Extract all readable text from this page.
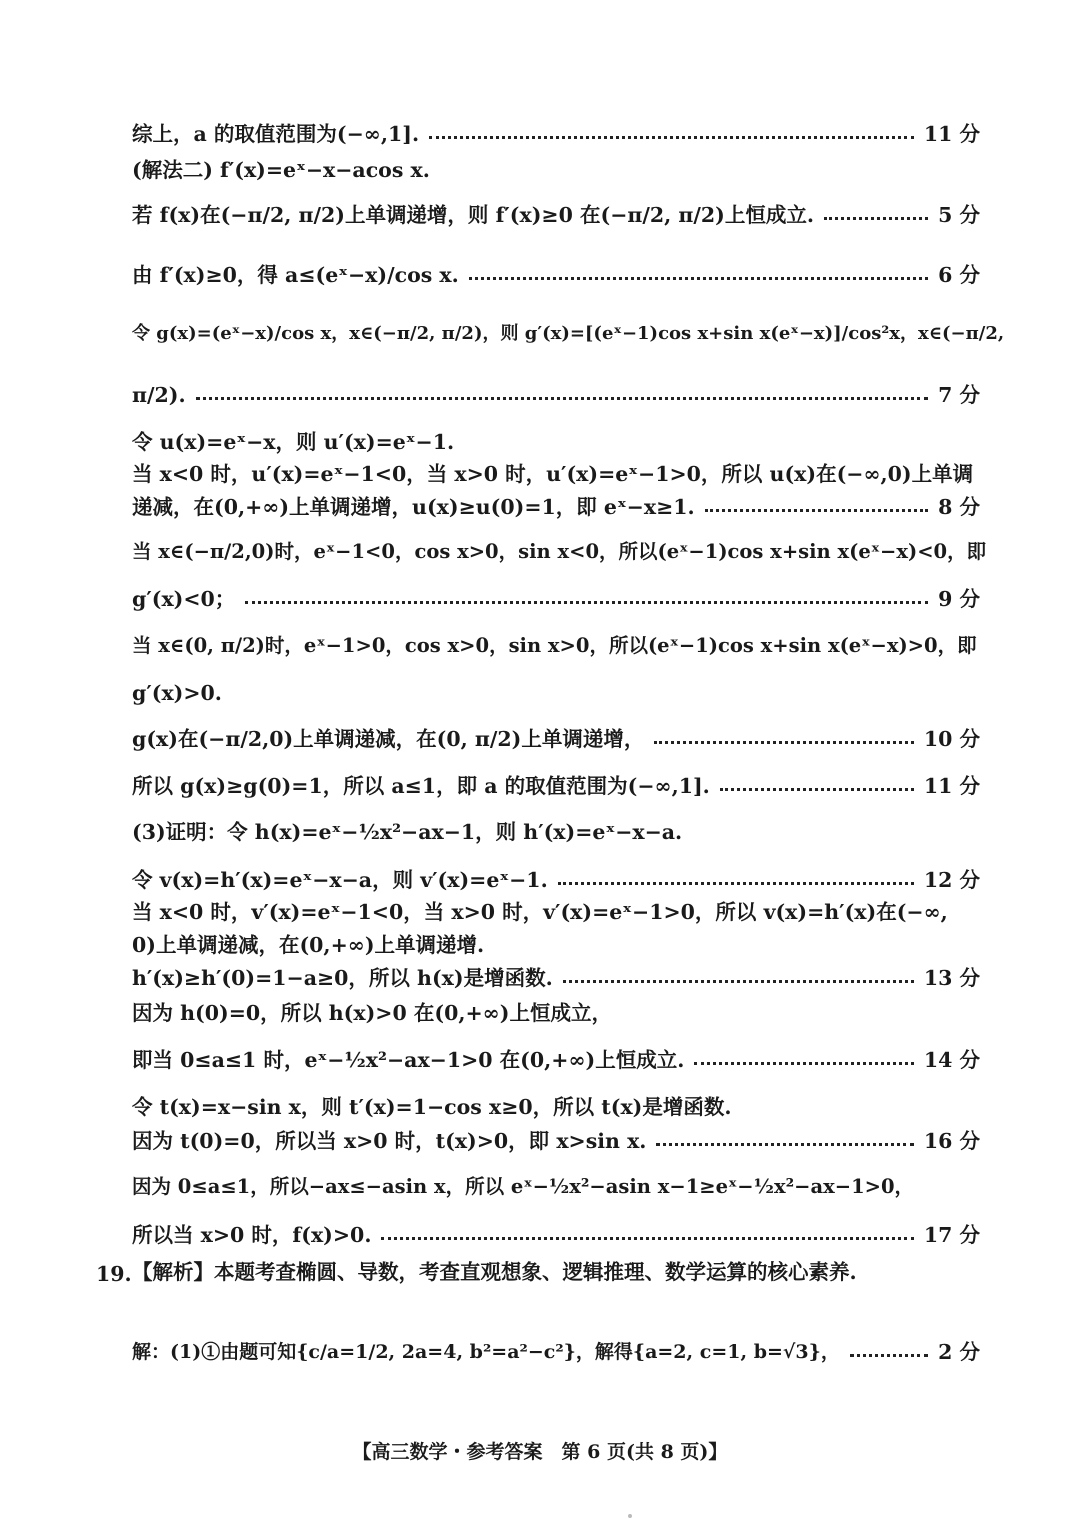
综上，a 的取值范围为(−∞,1].	11 分
(解法二) f′(x)=eˣ−x−acos x.
若 f(x)在(−π/2, π/2)上单调递增，则 f′(x)≥0 在(−π/2, π/2)上恒成立.	5 分
由 f′(x)≥0，得 a≤(eˣ−x)/cos x.	6 分
令 g(x)=(eˣ−x)/cos x，x∈(−π/2, π/2)，则 g′(x)=[(eˣ−1)cos x+sin x(eˣ−x)]/cos²x，x∈(−π/2,
π/2).	7 分
令 u(x)=eˣ−x，则 u′(x)=eˣ−1.
当 x<0 时，u′(x)=eˣ−1<0，当 x>0 时，u′(x)=eˣ−1>0，所以 u(x)在(−∞,0)上单调
递减，在(0,+∞)上单调递增，u(x)≥u(0)=1，即 eˣ−x≥1.	8 分
当 x∈(−π/2,0)时，eˣ−1<0，cos x>0，sin x<0，所以(eˣ−1)cos x+sin x(eˣ−x)<0，即
g′(x)<0；	9 分
当 x∈(0, π/2)时，eˣ−1>0，cos x>0，sin x>0，所以(eˣ−1)cos x+sin x(eˣ−x)>0，即
g′(x)>0.
g(x)在(−π/2,0)上单调递减，在(0, π/2)上单调递增，	10 分
所以 g(x)≥g(0)=1，所以 a≤1，即 a 的取值范围为(−∞,1].	11 分
(3)证明：令 h(x)=eˣ−½x²−ax−1，则 h′(x)=eˣ−x−a.
令 v(x)=h′(x)=eˣ−x−a，则 v′(x)=eˣ−1.	12 分
当 x<0 时，v′(x)=eˣ−1<0，当 x>0 时，v′(x)=eˣ−1>0，所以 v(x)=h′(x)在(−∞,
0)上单调递减，在(0,+∞)上单调递增.
h′(x)≥h′(0)=1−a≥0，所以 h(x)是增函数.	13 分
因为 h(0)=0，所以 h(x)>0 在(0,+∞)上恒成立，
即当 0≤a≤1 时，eˣ−½x²−ax−1>0 在(0,+∞)上恒成立.	14 分
令 t(x)=x−sin x，则 t′(x)=1−cos x≥0，所以 t(x)是增函数.
因为 t(0)=0，所以当 x>0 时，t(x)>0，即 x>sin x.	16 分
因为 0≤a≤1，所以−ax≤−asin x，所以 eˣ−½x²−asin x−1≥eˣ−½x²−ax−1>0，
所以当 x>0 时，f(x)>0.	17 分
19. 【解析】本题考查椭圆、导数，考查直观想象、逻辑推理、数学运算的核心素养.
解：(1)①由题可知{c/a=1/2, 2a=4, b²=a²−c²}，解得{a=2, c=1, b=√3}，	2 分
【高三数学・参考答案　第 6 页(共 8 页)】
